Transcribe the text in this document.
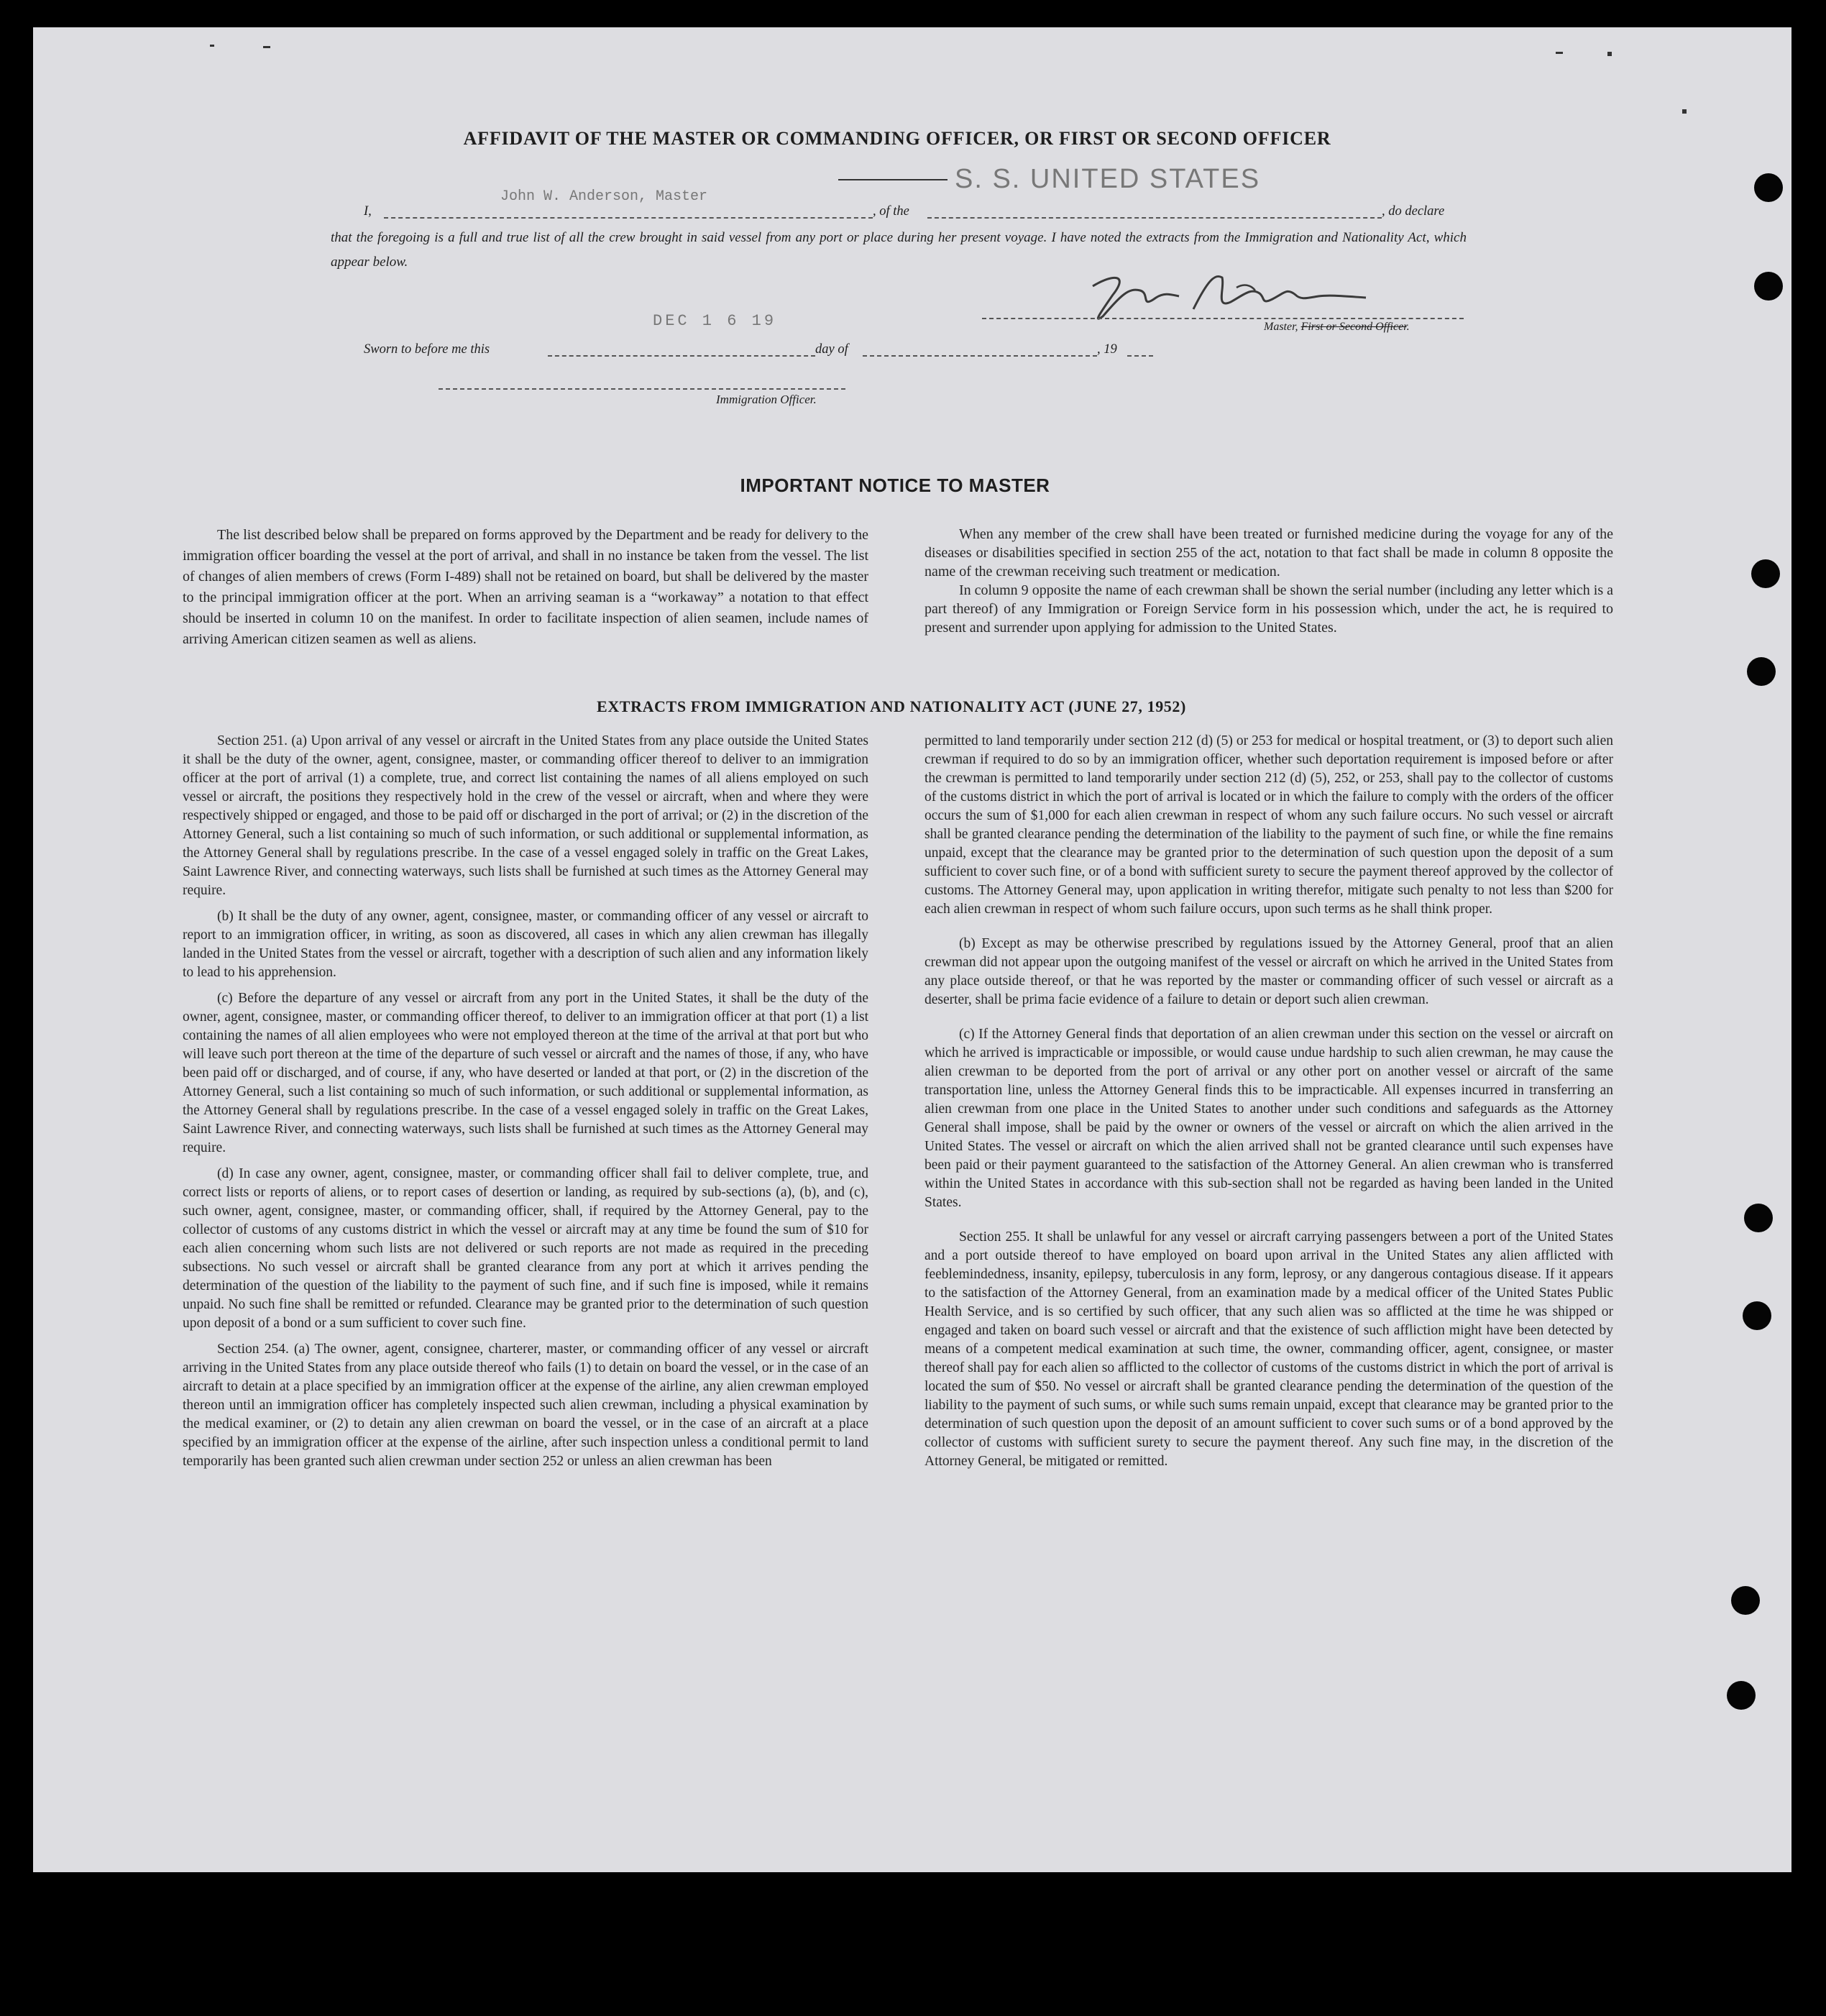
AFFIDAVIT OF THE MASTER OR COMMANDING OFFICER, OR FIRST OR SECOND OFFICER
S. S. UNITED STATES
I,
John W. Anderson, Master
, of the	, do declare
that the foregoing is a full and true list of all the crew brought in said vessel from any port or place during her present voyage. I have noted the extracts from the Immigration and Nationality Act, which appear below.
Master, First or Second Officer.
DEC 1 6 19
Sworn to before me this	day of	, 19
Immigration Officer.
IMPORTANT NOTICE TO MASTER

The list described below shall be prepared on forms approved by the Department and be ready for delivery to the immigration officer boarding the vessel at the port of arrival, and shall in no instance be taken from the vessel. The list of changes of alien members of crews (Form I-489) shall not be retained on board, but shall be delivered by the master to the principal immigration officer at the port. When an arriving seaman is a “workaway” a notation to that effect should be inserted in column 10 on the manifest. In order to facilitate inspection of alien seamen, include names of arriving American citizen seamen as well as aliens.

When any member of the crew shall have been treated or furnished medicine during the voyage for any of the diseases or disabilities specified in section 255 of the act, notation to that fact shall be made in column 8 opposite the name of the crewman receiving such treatment or medication.

In column 9 opposite the name of each crewman shall be shown the serial number (including any letter which is a part thereof) of any Immigration or Foreign Service form in his possession which, under the act, he is required to present and surrender upon applying for admission to the United States.

EXTRACTS FROM IMMIGRATION AND NATIONALITY ACT (JUNE 27, 1952)

Section 251. (a) Upon arrival of any vessel or aircraft in the United States from any place outside the United States it shall be the duty of the owner, agent, consignee, master, or commanding officer thereof to deliver to an immigration officer at the port of arrival (1) a complete, true, and correct list containing the names of all aliens employed on such vessel or aircraft, the positions they respectively hold in the crew of the vessel or aircraft, when and where they were respectively shipped or engaged, and those to be paid off or discharged in the port of arrival; or (2) in the discretion of the Attorney General, such a list containing so much of such information, or such additional or supplemental information, as the Attorney General shall by regulations prescribe. In the case of a vessel engaged solely in traffic on the Great Lakes, Saint Lawrence River, and connecting waterways, such lists shall be furnished at such times as the Attorney General may require.

(b) It shall be the duty of any owner, agent, consignee, master, or commanding officer of any vessel or aircraft to report to an immigration officer, in writing, as soon as discovered, all cases in which any alien crewman has illegally landed in the United States from the vessel or aircraft, together with a description of such alien and any information likely to lead to his apprehension.

(c) Before the departure of any vessel or aircraft from any port in the United States, it shall be the duty of the owner, agent, consignee, master, or commanding officer thereof, to deliver to an immigration officer at that port (1) a list containing the names of all alien employees who were not employed thereon at the time of the arrival at that port but who will leave such port thereon at the time of the departure of such vessel or aircraft and the names of those, if any, who have been paid off or discharged, and of course, if any, who have deserted or landed at that port, or (2) in the discretion of the Attorney General, such a list containing so much of such information, or such additional or supplemental information, as the Attorney General shall by regulations prescribe. In the case of a vessel engaged solely in traffic on the Great Lakes, Saint Lawrence River, and connecting waterways, such lists shall be furnished at such times as the Attorney General may require.

(d) In case any owner, agent, consignee, master, or commanding officer shall fail to deliver complete, true, and correct lists or reports of aliens, or to report cases of desertion or landing, as required by sub-sections (a), (b), and (c), such owner, agent, consignee, master, or commanding officer, shall, if required by the Attorney General, pay to the collector of customs of any customs district in which the vessel or aircraft may at any time be found the sum of $10 for each alien concerning whom such lists are not delivered or such reports are not made as required in the preceding subsections. No such vessel or aircraft shall be granted clearance from any port at which it arrives pending the determination of the question of the liability to the payment of such fine, and if such fine is imposed, while it remains unpaid. No such fine shall be remitted or refunded. Clearance may be granted prior to the determination of such question upon deposit of a bond or a sum sufficient to cover such fine.

Section 254. (a) The owner, agent, consignee, charterer, master, or commanding officer of any vessel or aircraft arriving in the United States from any place outside thereof who fails (1) to detain on board the vessel, or in the case of an aircraft to detain at a place specified by an immigration officer at the expense of the airline, any alien crewman employed thereon until an immigration officer has completely inspected such alien crewman, including a physical examination by the medical examiner, or (2) to detain any alien crewman on board the vessel, or in the case of an aircraft at a place specified by an immigration officer at the expense of the airline, after such inspection unless a conditional permit to land temporarily has been granted such alien crewman under section 252 or unless an alien crewman has been

permitted to land temporarily under section 212 (d) (5) or 253 for medical or hospital treatment, or (3) to deport such alien crewman if required to do so by an immigration officer, whether such deportation requirement is imposed before or after the crewman is permitted to land temporarily under section 212 (d) (5), 252, or 253, shall pay to the collector of customs of the customs district in which the port of arrival is located or in which the failure to comply with the orders of the officer occurs the sum of $1,000 for each alien crewman in respect of whom any such failure occurs. No such vessel or aircraft shall be granted clearance pending the determination of the liability to the payment of such fine, or while the fine remains unpaid, except that the clearance may be granted prior to the determination of such question upon the deposit of a sum sufficient to cover such fine, or of a bond with sufficient surety to secure the payment thereof approved by the collector of customs. The Attorney General may, upon application in writing therefor, mitigate such penalty to not less than $200 for each alien crewman in respect of whom such failure occurs, upon such terms as he shall think proper.

(b) Except as may be otherwise prescribed by regulations issued by the Attorney General, proof that an alien crewman did not appear upon the outgoing manifest of the vessel or aircraft on which he arrived in the United States from any place outside thereof, or that he was reported by the master or commanding officer of such vessel or aircraft as a deserter, shall be prima facie evidence of a failure to detain or deport such alien crewman.

(c) If the Attorney General finds that deportation of an alien crewman under this section on the vessel or aircraft on which he arrived is impracticable or impossible, or would cause undue hardship to such alien crewman, he may cause the alien crewman to be deported from the port of arrival or any other port on another vessel or aircraft of the same transportation line, unless the Attorney General finds this to be impracticable. All expenses incurred in transferring an alien crewman from one place in the United States to another under such conditions and safeguards as the Attorney General shall impose, shall be paid by the owner or owners of the vessel or aircraft on which the alien arrived in the United States. The vessel or aircraft on which the alien arrived shall not be granted clearance until such expenses have been paid or their payment guaranteed to the satisfaction of the Attorney General. An alien crewman who is transferred within the United States in accordance with this sub-section shall not be regarded as having been landed in the United States.

Section 255. It shall be unlawful for any vessel or aircraft carrying passengers between a port of the United States and a port outside thereof to have employed on board upon arrival in the United States any alien afflicted with feeblemindedness, insanity, epilepsy, tuberculosis in any form, leprosy, or any dangerous contagious disease. If it appears to the satisfaction of the Attorney General, from an examination made by a medical officer of the United States Public Health Service, and is so certified by such officer, that any such alien was so afflicted at the time he was shipped or engaged and taken on board such vessel or aircraft and that the existence of such affliction might have been detected by means of a competent medical examination at such time, the owner, commanding officer, agent, consignee, or master thereof shall pay for each alien so afflicted to the collector of customs of the customs district in which the port of arrival is located the sum of $50. No vessel or aircraft shall be granted clearance pending the determination of the question of the liability to the payment of such sums, or while such sums remain unpaid, except that clearance may be granted prior to the determination of such question upon the deposit of an amount sufficient to cover such sums or of a bond approved by the collector of customs with sufficient surety to secure the payment thereof. Any such fine may, in the discretion of the Attorney General, be mitigated or remitted.
